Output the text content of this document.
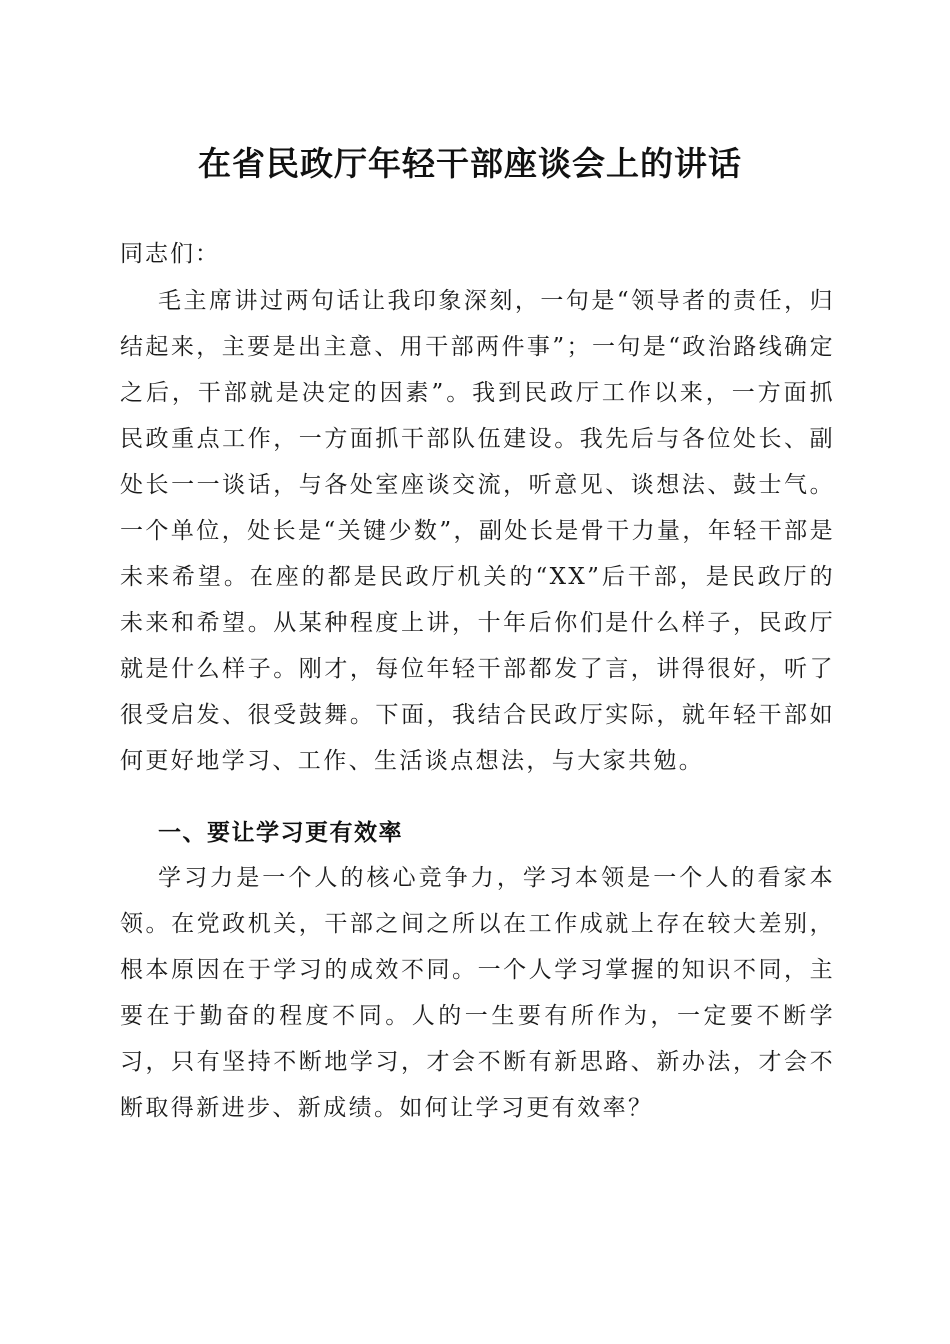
在省民政厅年轻干部座谈会上的讲话
同志们：
毛主席讲过两句话让我印象深刻，一句是“领导者的责任，归结起来，主要是出主意、用干部两件事”；一句是“政治路线确定之后，干部就是决定的因素”。我到民政厅工作以来，一方面抓民政重点工作，一方面抓干部队伍建设。我先后与各位处长、副处长一一谈话，与各处室座谈交流，听意见、谈想法、鼓士气。一个单位，处长是“关键少数”，副处长是骨干力量，年轻干部是未来希望。在座的都是民政厅机关的“XX”后干部，是民政厅的未来和希望。从某种程度上讲，十年后你们是什么样子，民政厅就是什么样子。刚才，每位年轻干部都发了言，讲得很好，听了很受启发、很受鼓舞。下面，我结合民政厅实际，就年轻干部如何更好地学习、工作、生活谈点想法，与大家共勉。
一、要让学习更有效率
学习力是一个人的核心竞争力，学习本领是一个人的看家本领。在党政机关，干部之间之所以在工作成就上存在较大差别，根本原因在于学习的成效不同。一个人学习掌握的知识不同，主要在于勤奋的程度不同。人的一生要有所作为，一定要不断学习，只有坚持不断地学习，才会不断有新思路、新办法，才会不断取得新进步、新成绩。如何让学习更有效率？
